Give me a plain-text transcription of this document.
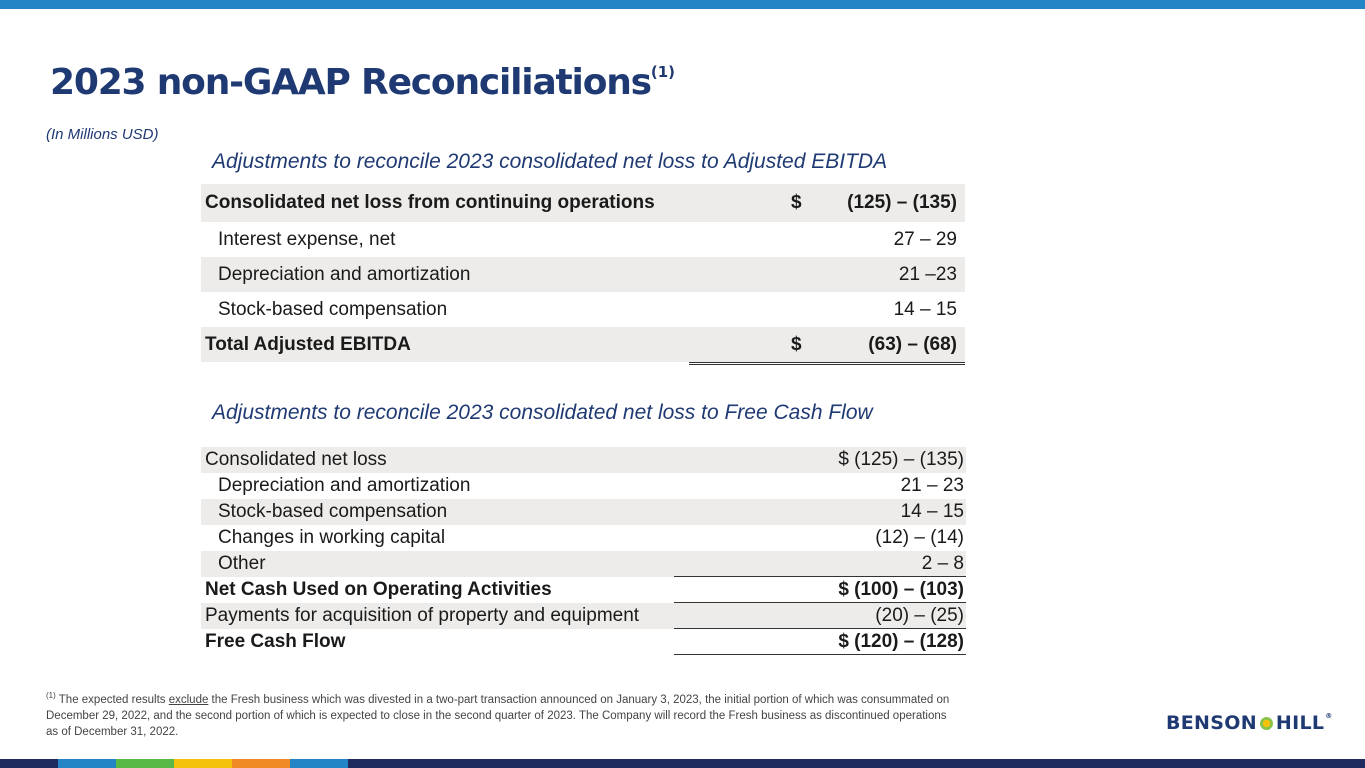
2023 non-GAAP Reconciliations$^{(1)}$
(In Millions USD)
Adjustments to reconcile 2023 consolidated net loss to Adjusted EBITDA
Consolidated net loss from continuing operations	$ (125) – (135)
Interest expense, net	27 – 29
Depreciation and amortization	21 –23
Stock-based compensation	14 – 15
Total Adjusted EBITDA	$	(63) – (68)
Adjustments to reconcile 2023 consolidated net loss to Free Cash Flow
Consolidated net loss	$ (125) – (135)
Depreciation and amortization	21 – 23
Stock-based compensation	14 – 15
Changes in working capital	(12) – (14)
Other	2 – 8
Net Cash Used on Operating Activities	$ (100) – (103)
Payments for acquisition of property and equipment	(20) – (25)
Free Cash Flow	$ (120) – (128)
$^{(1)}$ The expected results exclude the Fresh business which was divested in a two-part transaction announced on January 3, 2023, the initial portion of which was consummated on December 29, 2022, and the second portion of which is expected to close in the second quarter of 2023. The Company will record the Fresh business as discontinued operations as of December 31, 2022.	BENSON HILL ®
